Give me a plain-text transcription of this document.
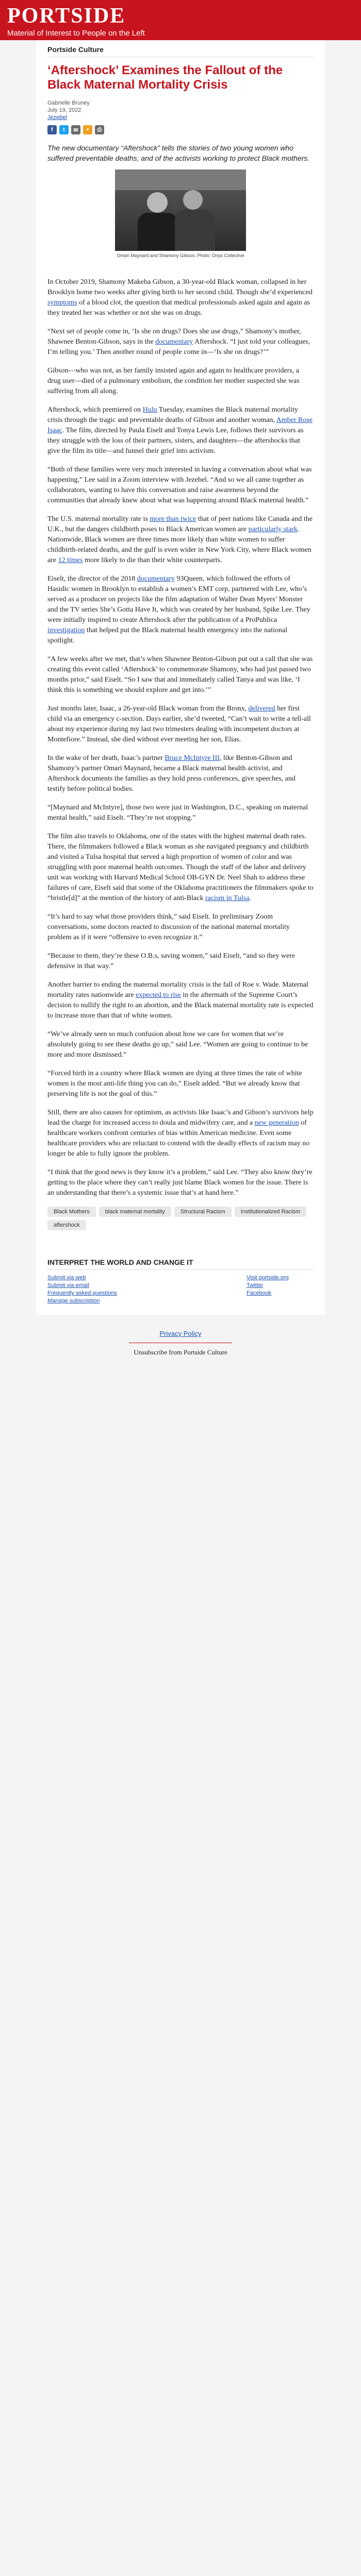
PORTSIDE
Material of Interest to People on the Left
Portside Culture
‘Aftershock’ Examines the Fallout of the Black Maternal Mortality Crisis
Gabrielle Bruney
July 19, 2022
Jezebel
f	t	✉	+	⎙

The new documentary “Aftershock” tells the stories of two young women who suffered preventable deaths, and of the activists working to protect Black mothers.

Omari Maynard and Shamony Gibson. Photo: Onyx Collective

In October 2019, Shamony Makeba Gibson, a 30-year-old Black woman, collapsed in her Brooklyn home two weeks after giving birth to her second child. Though she’d experienced symptoms of a blood clot, the question that medical professionals asked again and again as they treated her was whether or not she was on drugs.

“Next set of people come in, ‘Is she on drugs? Does she use drugs,” Shamony’s mother, Shawnee Benton-Gibson, says in the documentary Aftershock. “I just told your colleagues, I’m telling you.’ Then another round of people come in—‘Is she on drugs?’”

Gibson—who was not, as her family insisted again and again to healthcare providers, a drug user—died of a pulmonary embolism, the condition her mother suspected she was suffering from all along.

Aftershock, which premiered on Hulu Tuesday, examines the Black maternal mortality crisis through the tragic and preventable deaths of Gibson and another woman, Amber Rose Isaac. The film, directed by Paula Eiselt and Tonya Lewis Lee, follows their survivors as they struggle with the loss of their partners, sisters, and daughters—the aftershocks that give the film its title—and funnel their grief into activism.

“Both of these families were very much interested in having a conversation about what was happening,” Lee said in a Zoom interview with Jezebel. “And so we all came together as collaborators, wanting to have this conversation and raise awareness beyond the communities that already knew about what was happening around Black maternal health.”

The U.S. maternal mortality rate is more than twice that of peer nations like Canada and the U.K., but the dangers childbirth poses to Black American women are particularly stark. Nationwide, Black women are three times more likely than white women to suffer childbirth-related deaths, and the gulf is even wider in New York City, where Black women are 12 times more likely to die than their white counterparts.

Eiselt, the director of the 2018 documentary 93Queen, which followed the efforts of Hasidic women in Brooklyn to establish a women’s EMT corp, partnered with Lee, who’s served as a producer on projects like the film adaptation of Walter Dean Myers’ Monster and the TV series She’s Gotta Have It, which was created by her husband, Spike Lee. They were initially inspired to create Aftershock after the publication of a ProPublica investigation that helped put the Black maternal health emergency into the national spotlight.

“A few weeks after we met, that’s when Shawnee Benton-Gibson put out a call that she was creating this event called ‘Aftershock’ to commemorate Shamony, who had just passed two months prior,” said Eiselt. “So I saw that and immediately called Tanya and was like, ‘I think this is something we should explore and get into.’”

Just months later, Isaac, a 26-year-old Black woman from the Bronx, delivered her first child via an emergency c-section. Days earlier, she’d tweeted, “Can’t wait to write a tell-all about my experience during my last two trimesters dealing with incompetent doctors at Montefiore.” Instead, she died without ever meeting her son, Elias.

In the wake of her death, Isaac’s partner Bruce McIntyre III, like Benton-Gibson and Shamony’s partner Omari Maynard, became a Black maternal health activist, and Aftershock documents the families as they hold press conferences, give speeches, and testify before political bodies.

“[Maynard and McIntyre], those two were just in Washington, D.C., speaking on maternal mental health,” said Eiselt. “They’re not stopping.”

The film also travels to Oklahoma, one of the states with the highest maternal death rates. There, the filmmakers followed a Black woman as she navigated pregnancy and childbirth and visited a Tulsa hospital that served a high proportion of women of color and was struggling with poor maternal health outcomes. Though the staff of the labor and delivery unit was working with Harvard Medical School OB-GYN Dr. Neel Shah to address these failures of care, Eiselt said that some of the Oklahoma practitioners the filmmakers spoke to “bristle[d]” at the mention of the history of anti-Black racism in Tulsa.

“It’s hard to say what those providers think,” said Eiselt. In preliminary Zoom conversations, some doctors reacted to discussion of the national maternal mortality problem as if it were “offensive to even recognize it.”

“Because to them, they’re these O.B.s, saving women,” said Eiselt, “and so they were defensive in that way.”

Another barrier to ending the maternal mortality crisis is the fall of Roe v. Wade. Maternal mortality rates nationwide are expected to rise in the aftermath of the Supreme Court’s decision to nullify the right to an abortion, and the Black maternal mortality rate is expected to increase more than that of white women.

“We’ve already seen so much confusion about how we care for women that we’re absolutely going to see these deaths go up,” said Lee. “Women are going to continue to be more and more dismissed.”

“Forced birth in a country where Black women are dying at three times the rate of white women is the most anti-life thing you can do,” Eiselt added. “But we already know that preserving life is not the goal of this.”

Still, there are also causes for optimism, as activists like Isaac’s and Gibson’s survivors help lead the charge for increased access to doula and midwifery care, and a new generation of healthcare workers confront centuries of bias within American medicine. Even some healthcare providers who are reluctant to contend with the deadly effects of racism may no longer be able to fully ignore the problem.

“I think that the good news is they know it’s a problem,” said Lee. “They also know they’re getting to the place where they can’t really just blame Black women for the issue. There is an understanding that there’s a systemic issue that’s at hand here.”

Black Mothers	black maternal mortality	Structural Racism	Institutionalized Racism
aftershock
INTERPRET THE WORLD AND CHANGE IT
Submit via web
Submit via email
Frequently asked questions
Manage subscription
Visit portside.org
Twitter
Facebook
Privacy Policy
Unsubscribe from Portside Culture
